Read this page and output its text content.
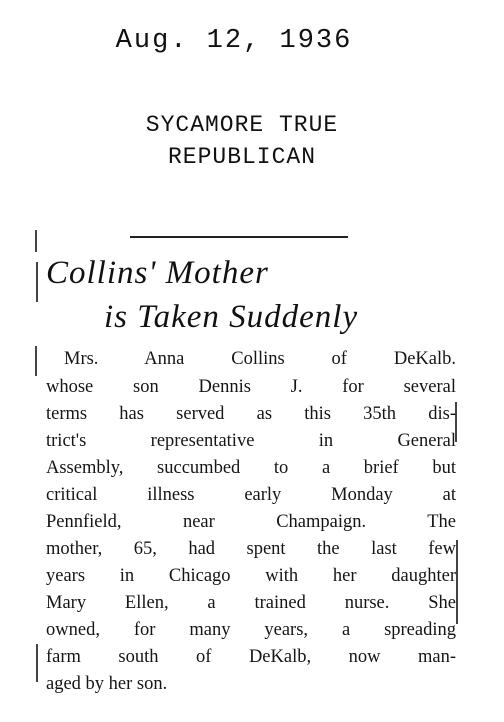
Aug. 12, 1936
SYCAMORE TRUE
REPUBLICAN
Collins' Mother
is Taken Suddenly
Mrs. Anna Collins of DeKalb.
whose son Dennis J. for several
terms has served as this 35th dis-
trict's representative in General
Assembly, succumbed to a brief but
critical illness early Monday at
Pennfield, near Champaign. The
mother, 65, had spent the last few
years in Chicago with her daughter
Mary Ellen, a trained nurse. She
owned, for many years, a spreading
farm south of DeKalb, now man-
aged by her son.
